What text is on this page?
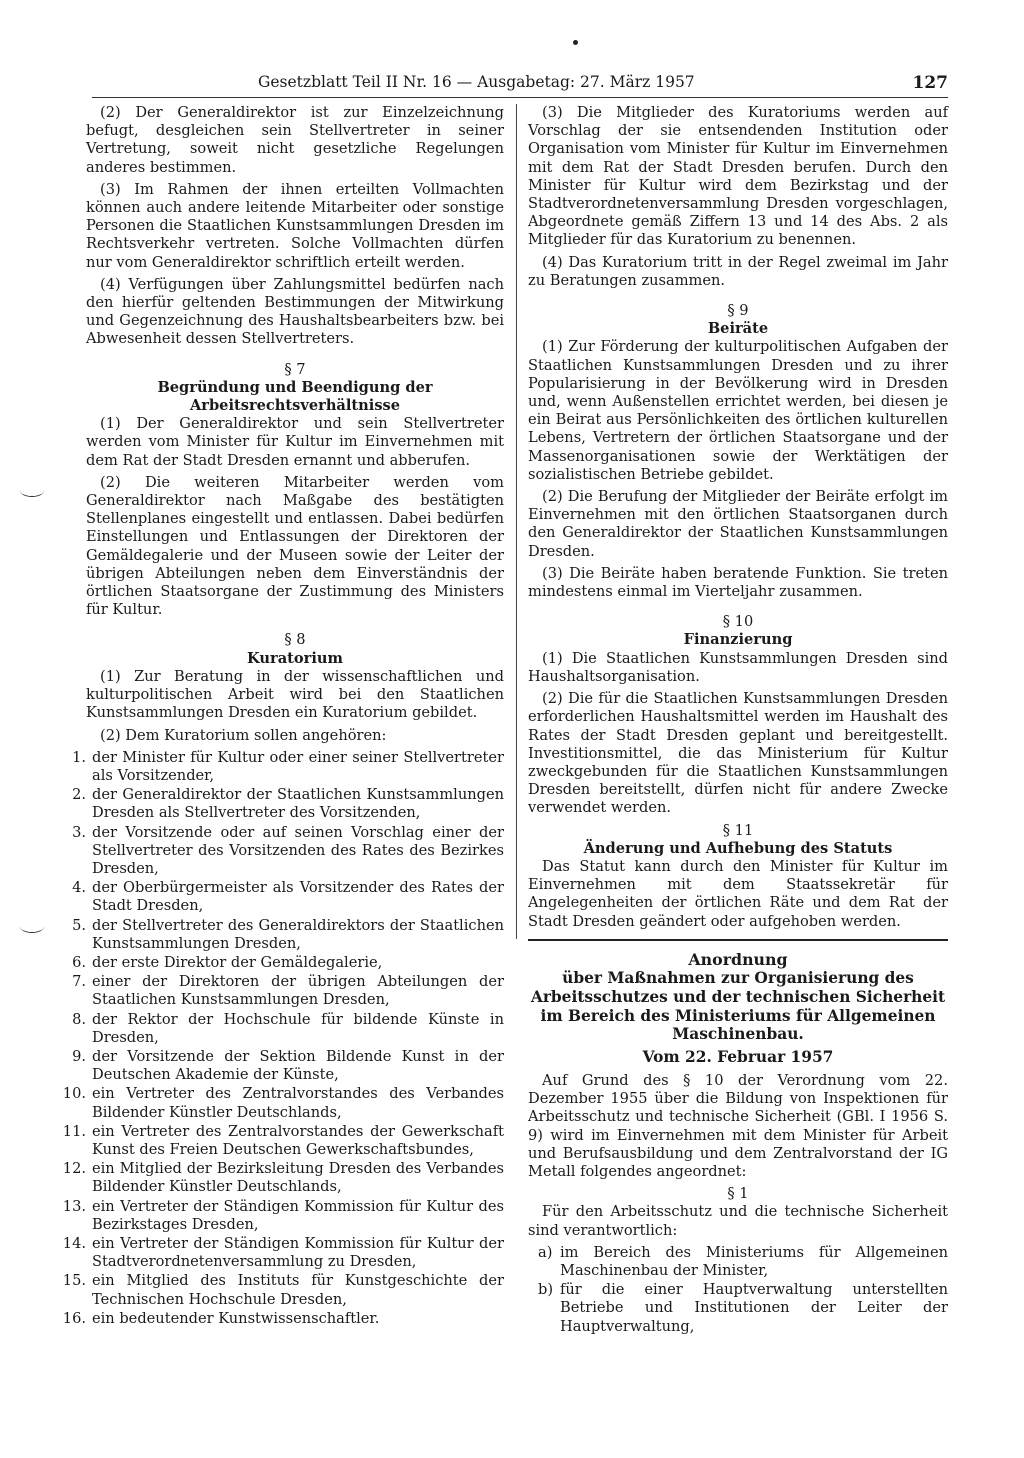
Gesetzblatt Teil II Nr. 16 — Ausgabetag: 27. März 1957	127

(2) Der Generaldirektor ist zur Einzelzeichnung befugt, desgleichen sein Stellvertreter in seiner Vertretung, soweit nicht gesetzliche Regelungen anderes bestimmen.

(3) Im Rahmen der ihnen erteilten Vollmachten können auch andere leitende Mitarbeiter oder sonstige Personen die Staatlichen Kunstsammlungen Dresden im Rechtsverkehr vertreten. Solche Vollmachten dürfen nur vom Generaldirektor schriftlich erteilt werden.

(4) Verfügungen über Zahlungsmittel bedürfen nach den hierfür geltenden Bestimmungen der Mitwirkung und Gegenzeichnung des Haushaltsbearbeiters bzw. bei Abwesenheit dessen Stellvertreters.

§ 7

Begründung und Beendigung der Arbeitsrechtsverhältnisse

(1) Der Generaldirektor und sein Stellvertreter werden vom Minister für Kultur im Einvernehmen mit dem Rat der Stadt Dresden ernannt und abberufen.

(2) Die weiteren Mitarbeiter werden vom Generaldirektor nach Maßgabe des bestätigten Stellenplanes eingestellt und entlassen. Dabei bedürfen Einstellungen und Entlassungen der Direktoren der Gemäldegalerie und der Museen sowie der Leiter der übrigen Abteilungen neben dem Einverständnis der örtlichen Staatsorgane der Zustimmung des Ministers für Kultur.

§ 8

Kuratorium

(1) Zur Beratung in der wissenschaftlichen und kulturpolitischen Arbeit wird bei den Staatlichen Kunstsammlungen Dresden ein Kuratorium gebildet.

(2) Dem Kuratorium sollen angehören:

1. der Minister für Kultur oder einer seiner Stellvertreter als Vorsitzender,
2. der Generaldirektor der Staatlichen Kunstsammlungen Dresden als Stellvertreter des Vorsitzenden,
3. der Vorsitzende oder auf seinen Vorschlag einer der Stellvertreter des Vorsitzenden des Rates des Bezirkes Dresden,
4. der Oberbürgermeister als Vorsitzender des Rates der Stadt Dresden,
5. der Stellvertreter des Generaldirektors der Staatlichen Kunstsammlungen Dresden,
6. der erste Direktor der Gemäldegalerie,
7. einer der Direktoren der übrigen Abteilungen der Staatlichen Kunstsammlungen Dresden,
8. der Rektor der Hochschule für bildende Künste in Dresden,
9. der Vorsitzende der Sektion Bildende Kunst in der Deutschen Akademie der Künste,
10. ein Vertreter des Zentralvorstandes des Verbandes Bildender Künstler Deutschlands,
11. ein Vertreter des Zentralvorstandes der Gewerkschaft Kunst des Freien Deutschen Gewerkschaftsbundes,
12. ein Mitglied der Bezirksleitung Dresden des Verbandes Bildender Künstler Deutschlands,
13. ein Vertreter der Ständigen Kommission für Kultur des Bezirkstages Dresden,
14. ein Vertreter der Ständigen Kommission für Kultur der Stadtverordnetenversammlung zu Dresden,
15. ein Mitglied des Instituts für Kunstgeschichte der Technischen Hochschule Dresden,
16. ein bedeutender Kunstwissenschaftler.

(3) Die Mitglieder des Kuratoriums werden auf Vorschlag der sie entsendenden Institution oder Organisation vom Minister für Kultur im Einvernehmen mit dem Rat der Stadt Dresden berufen. Durch den Minister für Kultur wird dem Bezirkstag und der Stadtverordnetenversammlung Dresden vorgeschlagen, Abgeordnete gemäß Ziffern 13 und 14 des Abs. 2 als Mitglieder für das Kuratorium zu benennen.

(4) Das Kuratorium tritt in der Regel zweimal im Jahr zu Beratungen zusammen.

§ 9

Beiräte

(1) Zur Förderung der kulturpolitischen Aufgaben der Staatlichen Kunstsammlungen Dresden und zu ihrer Popularisierung in der Bevölkerung wird in Dresden und, wenn Außenstellen errichtet werden, bei diesen je ein Beirat aus Persönlichkeiten des örtlichen kulturellen Lebens, Vertretern der örtlichen Staatsorgane und der Massenorganisationen sowie der Werktätigen der sozialistischen Betriebe gebildet.

(2) Die Berufung der Mitglieder der Beiräte erfolgt im Einvernehmen mit den örtlichen Staatsorganen durch den Generaldirektor der Staatlichen Kunstsammlungen Dresden.

(3) Die Beiräte haben beratende Funktion. Sie treten mindestens einmal im Vierteljahr zusammen.

§ 10

Finanzierung

(1) Die Staatlichen Kunstsammlungen Dresden sind Haushaltsorganisation.

(2) Die für die Staatlichen Kunstsammlungen Dresden erforderlichen Haushaltsmittel werden im Haushalt des Rates der Stadt Dresden geplant und bereitgestellt. Investitionsmittel, die das Ministerium für Kultur zweckgebunden für die Staatlichen Kunstsammlungen Dresden bereitstellt, dürfen nicht für andere Zwecke verwendet werden.

§ 11

Änderung und Aufhebung des Statuts

Das Statut kann durch den Minister für Kultur im Einvernehmen mit dem Staatssekretär für Angelegenheiten der örtlichen Räte und dem Rat der Stadt Dresden geändert oder aufgehoben werden.

Anordnung

über Maßnahmen zur Organisierung des Arbeitsschutzes und der technischen Sicherheit im Bereich des Ministeriums für Allgemeinen Maschinenbau.

Vom 22. Februar 1957

Auf Grund des § 10 der Verordnung vom 22. Dezember 1955 über die Bildung von Inspektionen für Arbeitsschutz und technische Sicherheit (GBl. I 1956 S. 9) wird im Einvernehmen mit dem Minister für Arbeit und Berufsausbildung und dem Zentralvorstand der IG Metall folgendes angeordnet:

§ 1

Für den Arbeitsschutz und die technische Sicherheit sind verantwortlich:

a) im Bereich des Ministeriums für Allgemeinen Maschinenbau der Minister,
b) für die einer Hauptverwaltung unterstellten Betriebe und Institutionen der Leiter der Hauptverwaltung,
